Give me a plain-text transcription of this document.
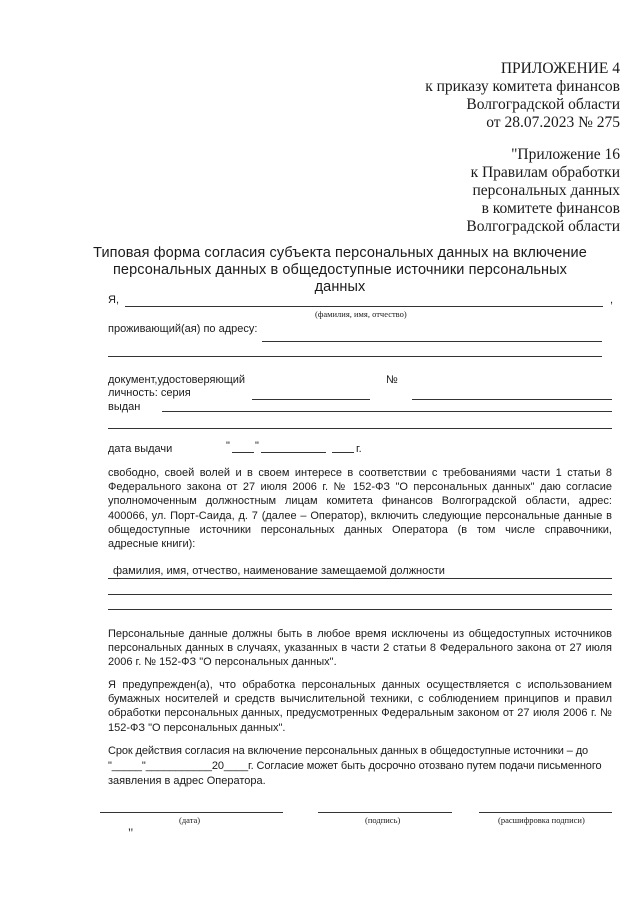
ПРИЛОЖЕНИЕ 4
к приказу комитета финансов
Волгоградской области
от 28.07.2023 № 275
"Приложение 16
к Правилам обработки
персональных данных
в комитете финансов
Волгоградской области
Типовая форма согласия субъекта персональных данных на включение
персональных данных в общедоступные источники персональных данных
Я,	,
(фамилия, имя, отчество)
проживающий(ая) по адресу:
документ,удостоверяющий
личность: серия
№
выдан
дата выдачи	" "	г.
свободно, своей волей и в своем интересе в соответствии с требованиями части 1 статьи 8 Федерального закона от 27 июля 2006 г. № 152-ФЗ "О персональных данных" даю согласие уполномоченным должностным лицам комитета финансов Волгоградской области, адрес: 400066, ул. Порт-Саида, д. 7 (далее – Оператор), включить следующие персональные данные в общедоступные источники персональных данных Оператора (в том числе справочники, адресные книги):
фамилия, имя, отчество, наименование замещаемой должности
Персональные данные должны быть в любое время исключены из общедоступных источников персональных данных в случаях, указанных в части 2 статьи 8 Федерального закона от 27 июля 2006 г. № 152-ФЗ "О персональных данных".
Я предупрежден(а), что обработка персональных данных осуществляется с использованием бумажных носителей и средств вычислительной техники, с соблюдением принципов и правил обработки персональных данных, предусмотренных Федеральным законом от 27 июля 2006 г. № 152-ФЗ "О персональных данных".
Срок действия согласия на включение персональных данных в общедоступные источники – до
"_____"___________20____г. Согласие может быть досрочно отозвано путем подачи письменного
заявления в адрес Оператора.
(дата)	(подпись)	(расшифровка подписи)
"
